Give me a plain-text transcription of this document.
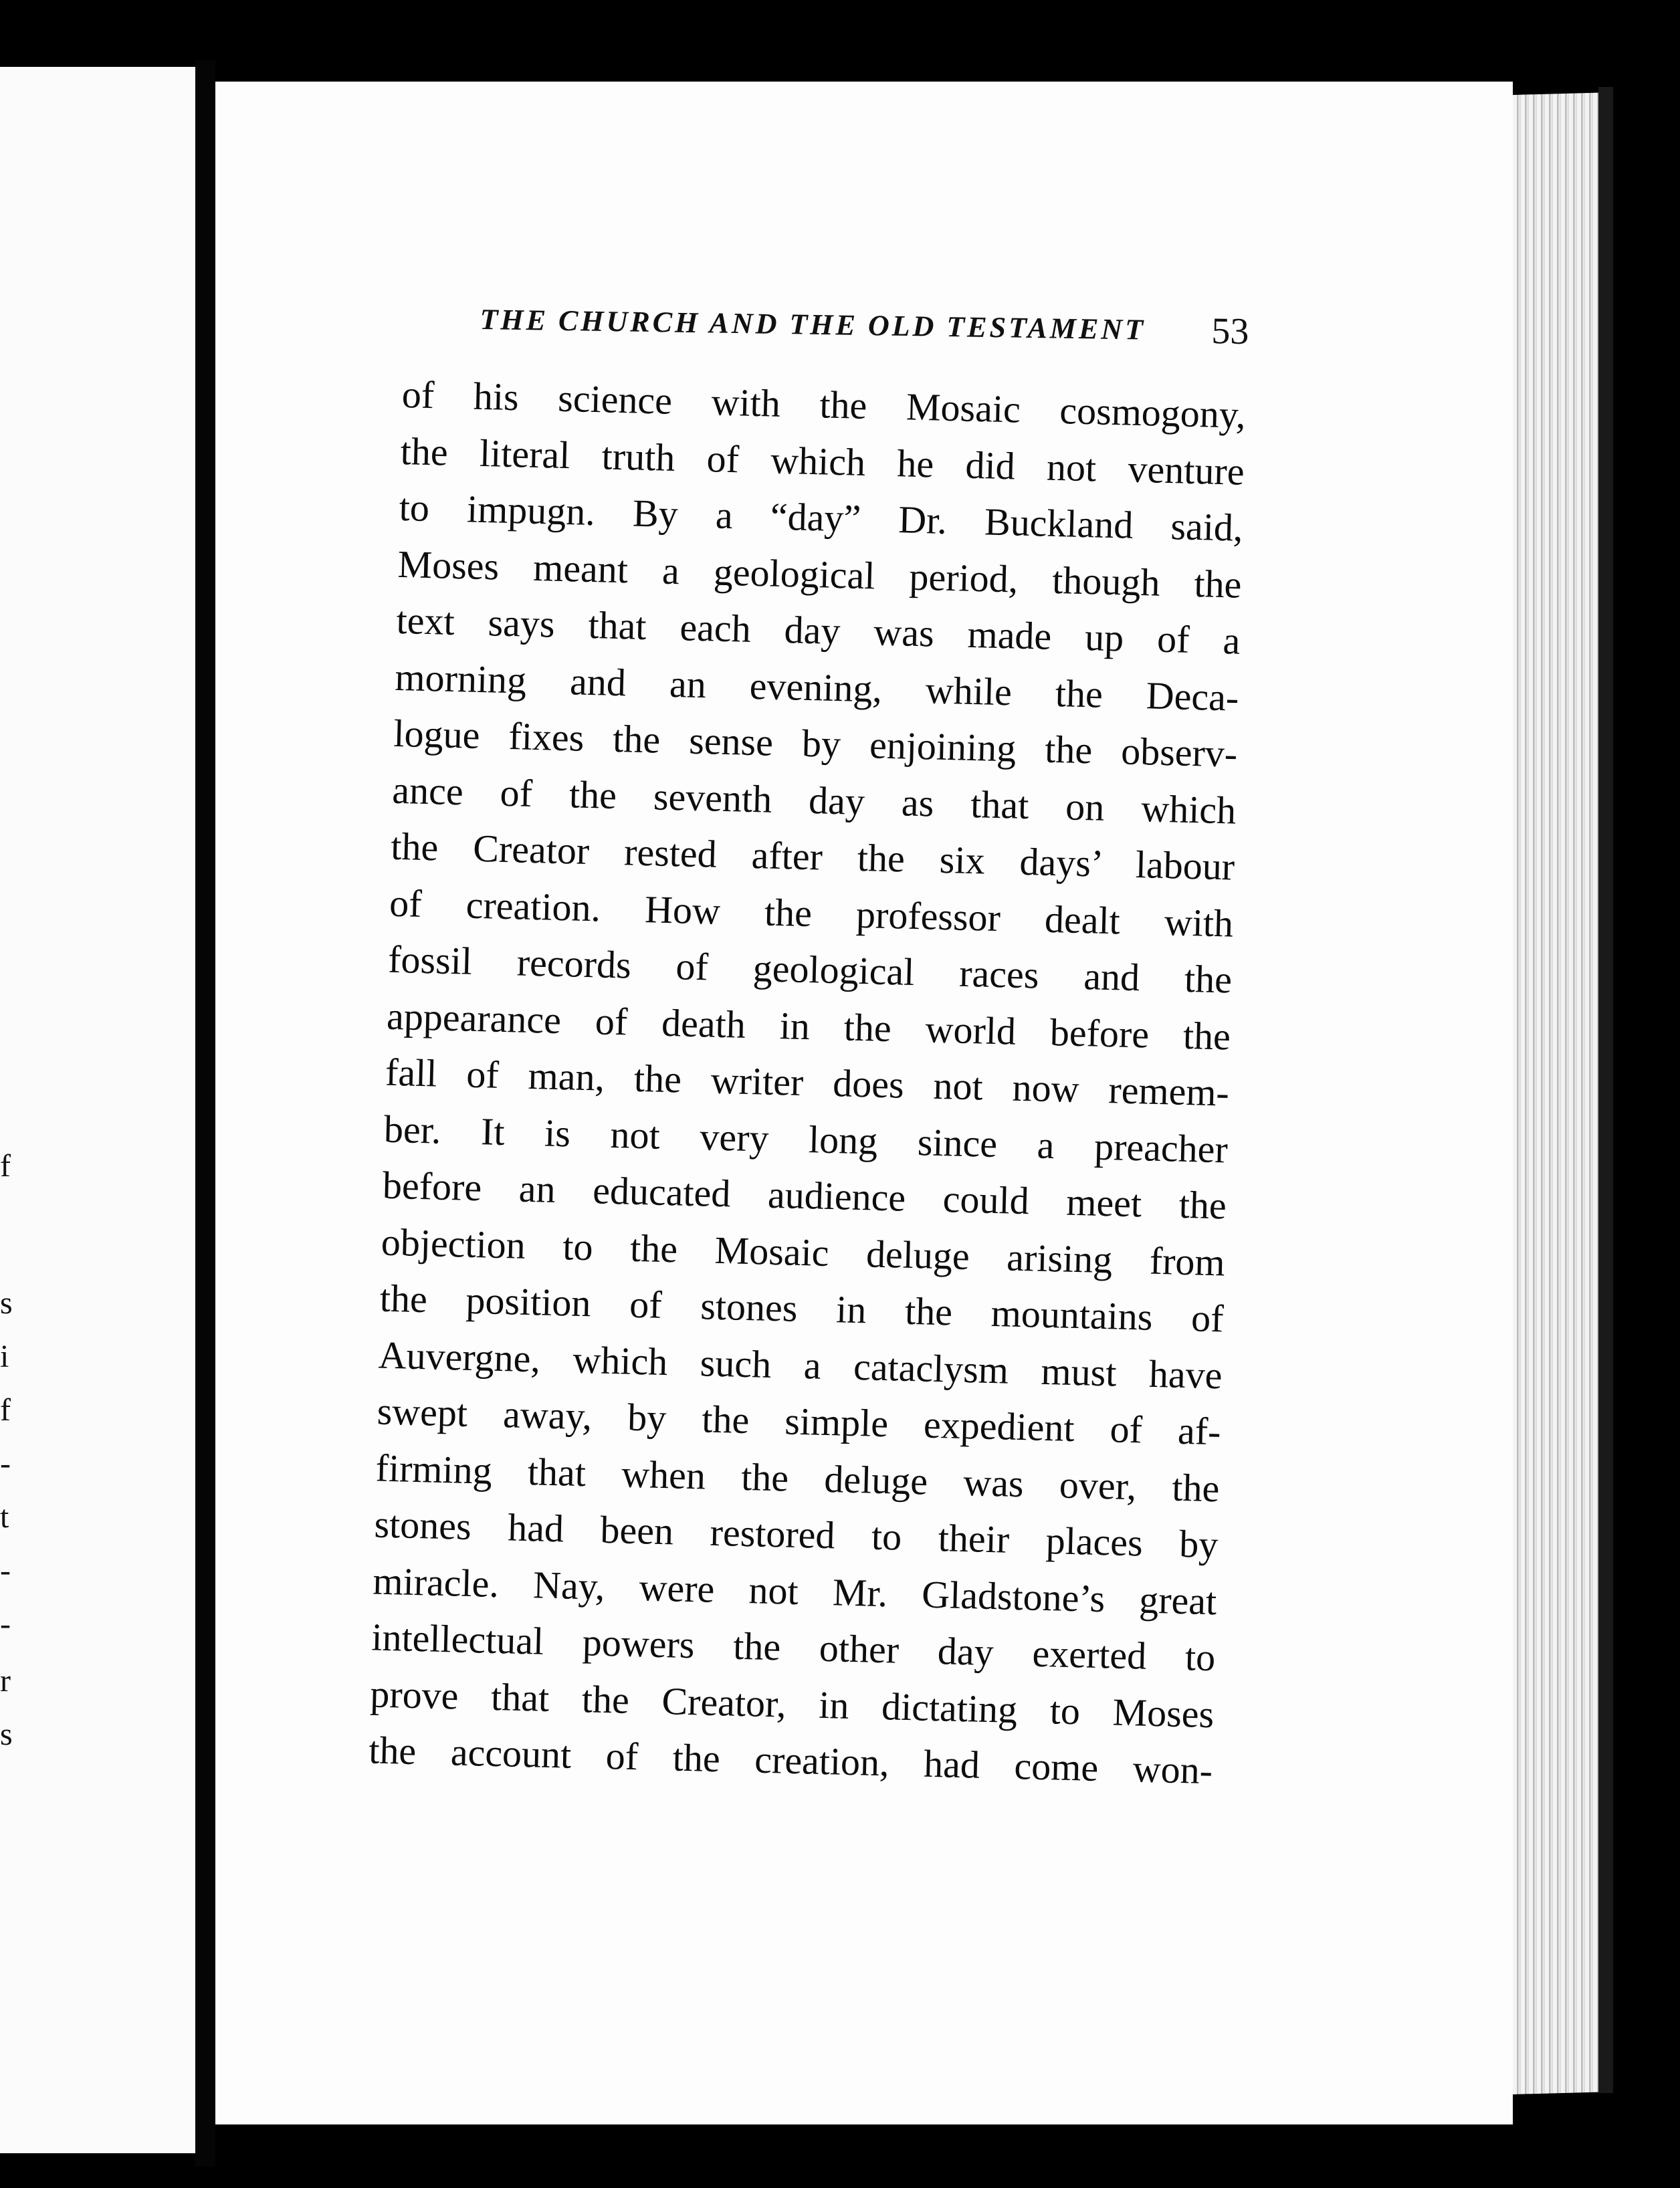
f
s
i
f
-
t
-
-
r
s
THE CHURCH AND THE OLD TESTAMENT 53
of his science with the Mosaic cosmogony,
the literal truth of which he did not venture
to impugn. By a “day” Dr. Buckland said,
Moses meant a geological period, though the
text says that each day was made up of a
morning and an evening, while the Deca-
logue fixes the sense by enjoining the observ-
ance of the seventh day as that on which
the Creator rested after the six days’ labour
of creation. How the professor dealt with
fossil records of geological races and the
appearance of death in the world before the
fall of man, the writer does not now remem-
ber. It is not very long since a preacher
before an educated audience could meet the
objection to the Mosaic deluge arising from
the position of stones in the mountains of
Auvergne, which such a cataclysm must have
swept away, by the simple expedient of af-
firming that when the deluge was over, the
stones had been restored to their places by
miracle. Nay, were not Mr. Gladstone’s great
intellectual powers the other day exerted to
prove that the Creator, in dictating to Moses
the account of the creation, had come won-
